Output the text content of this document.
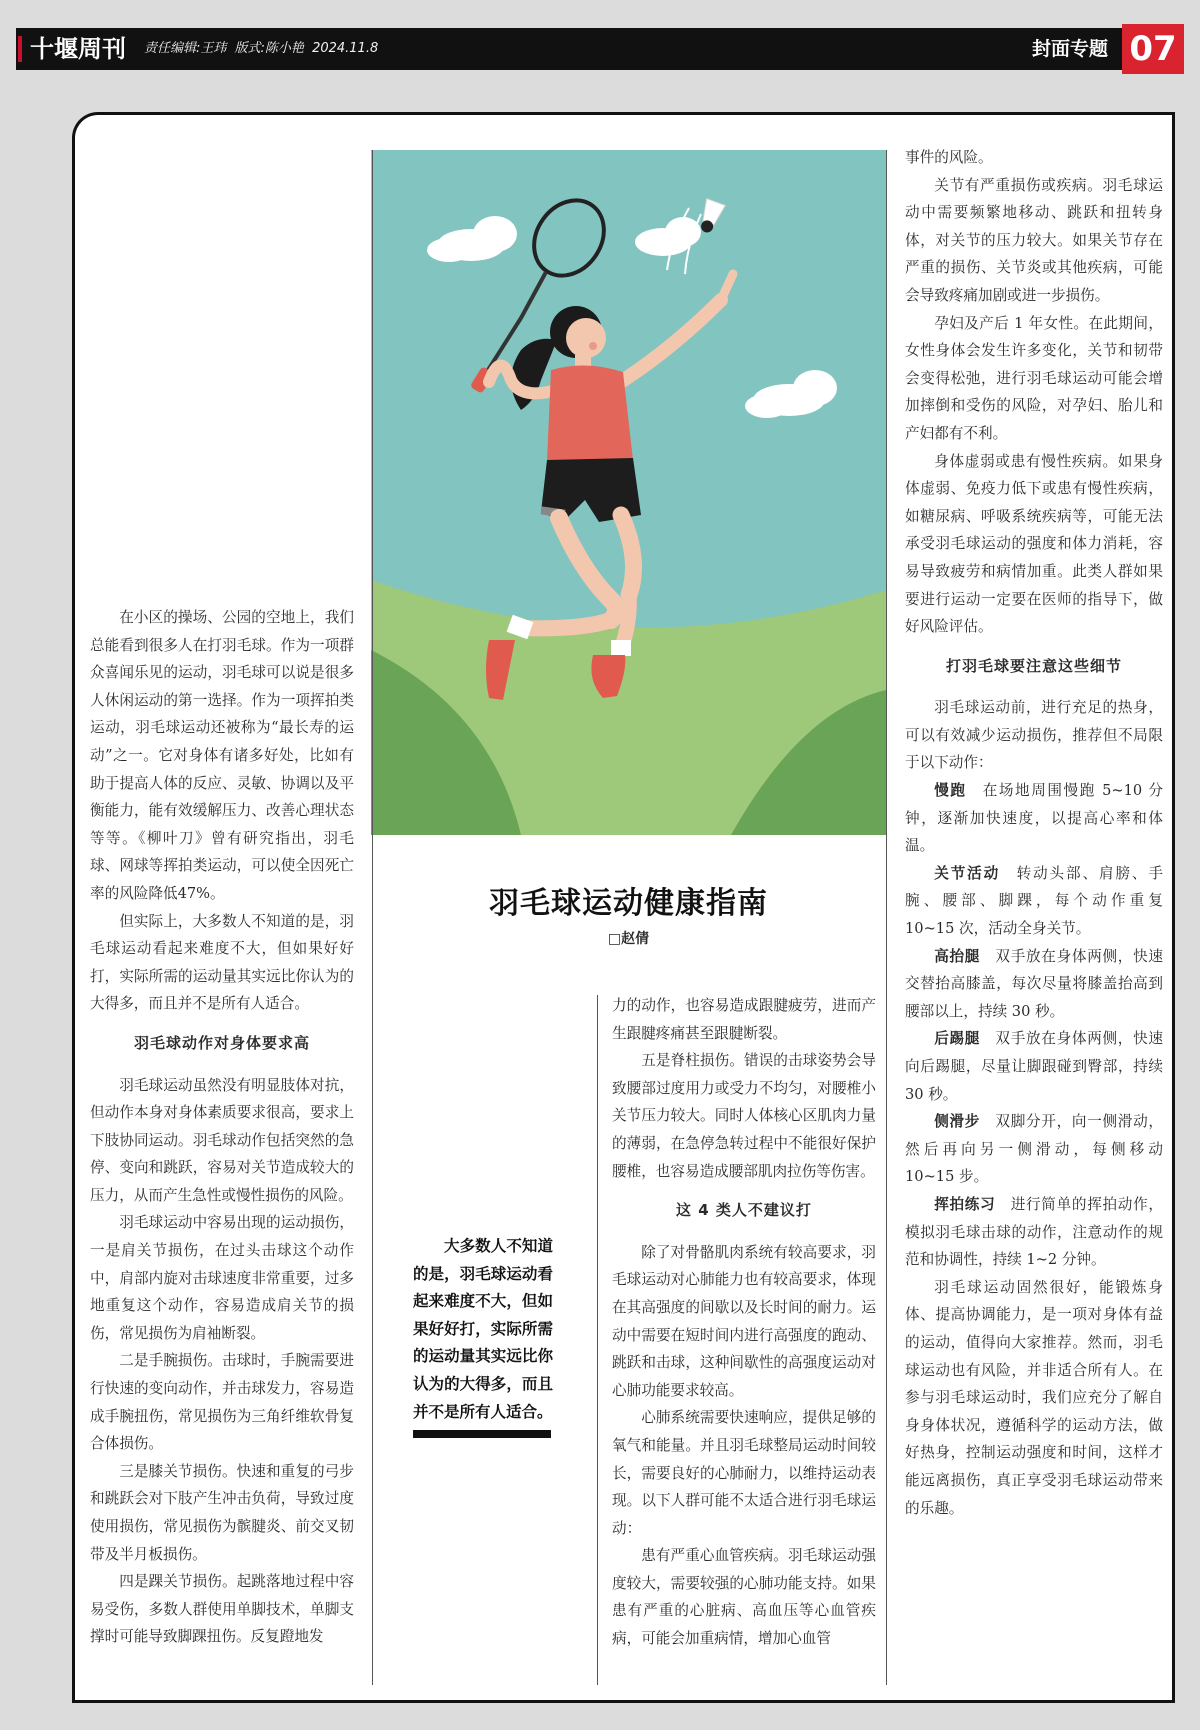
十堰周刊 责任编辑:王玮 版式:陈小艳 2024.11.8	封面专题 07
羽毛球运动健康指南
□赵倩
大多数人不知道的是，羽毛球运动看起来难度不大，但如果好好打，实际所需的运动量其实远比你认为的大得多，而且并不是所有人适合。

在小区的操场、公园的空地上，我们总能看到很多人在打羽毛球。作为一项群众喜闻乐见的运动，羽毛球可以说是很多人休闲运动的第一选择。作为一项挥拍类运动，羽毛球运动还被称为“最长寿的运动”之一。它对身体有诸多好处，比如有助于提高人体的反应、灵敏、协调以及平衡能力，能有效缓解压力、改善心理状态等等。《柳叶刀》曾有研究指出，羽毛球、网球等挥拍类运动，可以使全因死亡率的风险降低47%。

但实际上，大多数人不知道的是，羽毛球运动看起来难度不大，但如果好好打，实际所需的运动量其实远比你认为的大得多，而且并不是所有人适合。

羽毛球动作对身体要求高

羽毛球运动虽然没有明显肢体对抗，但动作本身对身体素质要求很高，要求上下肢协同运动。羽毛球动作包括突然的急停、变向和跳跃，容易对关节造成较大的压力，从而产生急性或慢性损伤的风险。

羽毛球运动中容易出现的运动损伤，一是肩关节损伤，在过头击球这个动作中，肩部内旋对击球速度非常重要，过多地重复这个动作，容易造成肩关节的损伤，常见损伤为肩袖断裂。

二是手腕损伤。击球时，手腕需要进行快速的变向动作，并击球发力，容易造成手腕扭伤，常见损伤为三角纤维软骨复合体损伤。

三是膝关节损伤。快速和重复的弓步和跳跃会对下肢产生冲击负荷，导致过度使用损伤，常见损伤为髌腱炎、前交叉韧带及半月板损伤。

四是踝关节损伤。起跳落地过程中容易受伤，多数人群使用单脚技术，单脚支撑时可能导致脚踝扭伤。反复蹬地发

力的动作，也容易造成跟腱疲劳，进而产生跟腱疼痛甚至跟腱断裂。

五是脊柱损伤。错误的击球姿势会导致腰部过度用力或受力不均匀，对腰椎小关节压力较大。同时人体核心区肌肉力量的薄弱，在急停急转过程中不能很好保护腰椎，也容易造成腰部肌肉拉伤等伤害。

这 4 类人不建议打

除了对骨骼肌肉系统有较高要求，羽毛球运动对心肺能力也有较高要求，体现在其高强度的间歇以及长时间的耐力。运动中需要在短时间内进行高强度的跑动、跳跃和击球，这种间歇性的高强度运动对心肺功能要求较高。

心肺系统需要快速响应，提供足够的氧气和能量。并且羽毛球整局运动时间较长，需要良好的心肺耐力，以维持运动表现。以下人群可能不太适合进行羽毛球运动：

患有严重心血管疾病。羽毛球运动强度较大，需要较强的心肺功能支持。如果患有严重的心脏病、高血压等心血管疾病，可能会加重病情，增加心血管

事件的风险。

关节有严重损伤或疾病。羽毛球运动中需要频繁地移动、跳跃和扭转身体，对关节的压力较大。如果关节存在严重的损伤、关节炎或其他疾病，可能会导致疼痛加剧或进一步损伤。

孕妇及产后 1 年女性。在此期间，女性身体会发生许多变化，关节和韧带会变得松弛，进行羽毛球运动可能会增加摔倒和受伤的风险，对孕妇、胎儿和产妇都有不利。

身体虚弱或患有慢性疾病。如果身体虚弱、免疫力低下或患有慢性疾病，如糖尿病、呼吸系统疾病等，可能无法承受羽毛球运动的强度和体力消耗，容易导致疲劳和病情加重。此类人群如果要进行运动一定要在医师的指导下，做好风险评估。

打羽毛球要注意这些细节

羽毛球运动前，进行充足的热身，可以有效减少运动损伤，推荐但不局限于以下动作：

慢跑　 在场地周围慢跑 5~10 分钟，逐渐加快速度，以提高心率和体温。

关节活动　 转动头部、肩膀、手腕、腰部、脚踝，每个动作重复 10~15 次，活动全身关节。

高抬腿　 双手放在身体两侧，快速交替抬高膝盖，每次尽量将膝盖抬高到腰部以上，持续 30 秒。

后踢腿　 双手放在身体两侧，快速向后踢腿，尽量让脚跟碰到臀部，持续 30 秒。

侧滑步　 双脚分开，向一侧滑动，然后再向另一侧滑动，每侧移动 10~15 步。

挥拍练习　 进行简单的挥拍动作，模拟羽毛球击球的动作，注意动作的规范和协调性，持续 1~2 分钟。

羽毛球运动固然很好，能锻炼身体、提高协调能力，是一项对身体有益的运动，值得向大家推荐。然而，羽毛球运动也有风险，并非适合所有人。在参与羽毛球运动时，我们应充分了解自身身体状况，遵循科学的运动方法，做好热身，控制运动强度和时间，这样才能远离损伤，真正享受羽毛球运动带来的乐趣。
